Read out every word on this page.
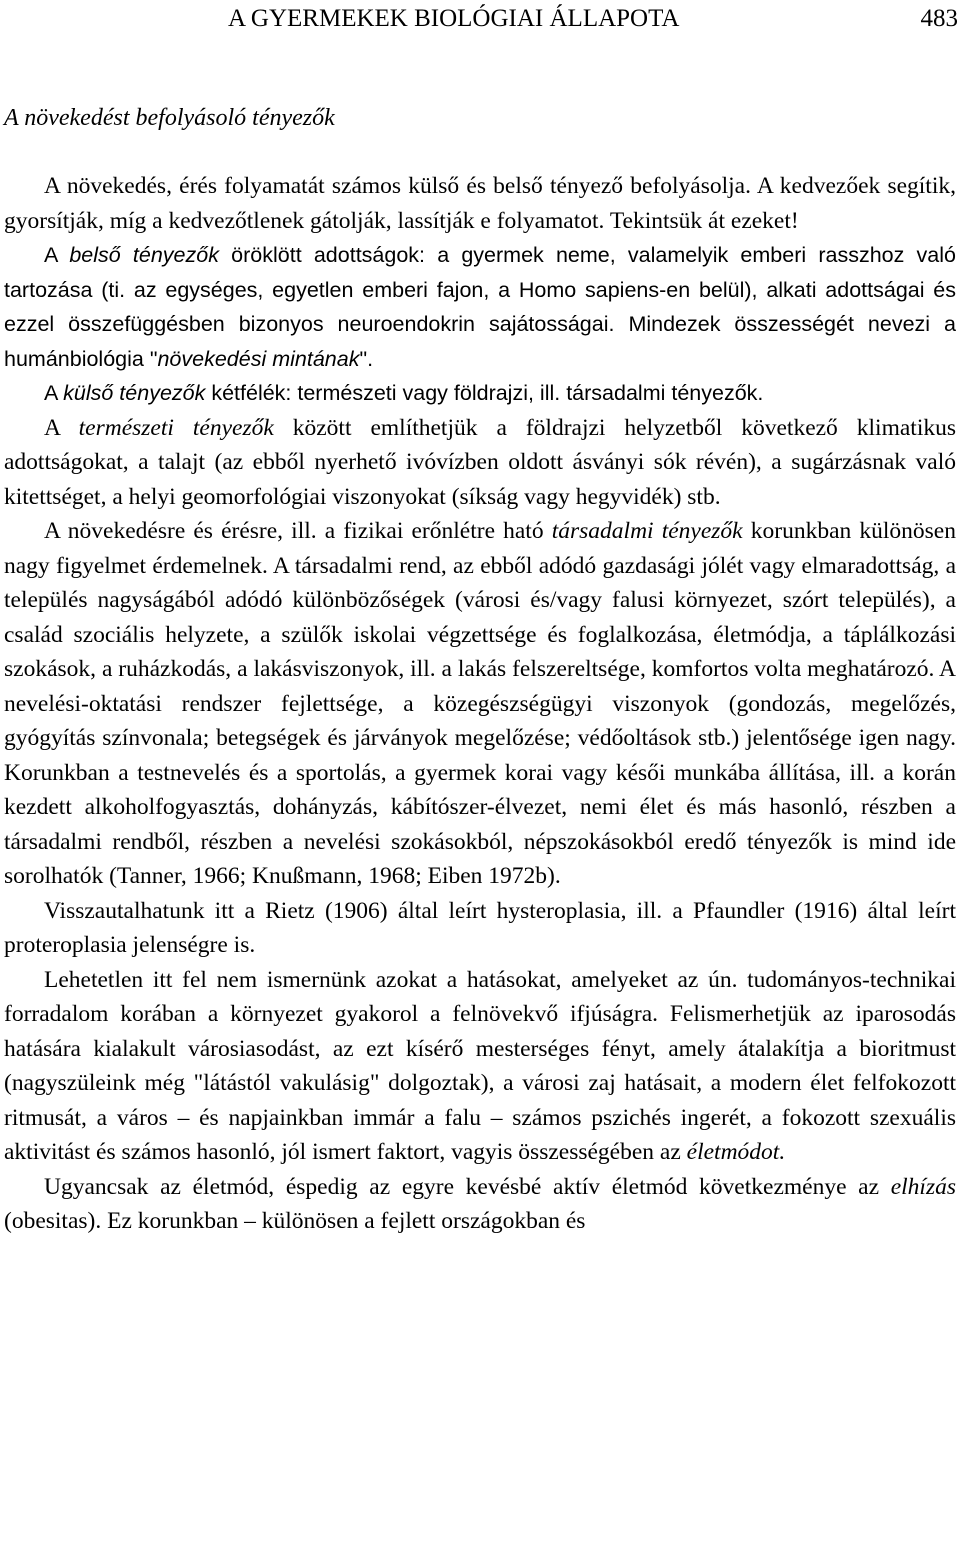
A GYERMEKEK BIOLÓGIAI ÁLLAPOTA	483
A növekedést befolyásoló tényezők

A növekedés, érés folyamatát számos külső és belső tényező befolyásolja. A kedvezőek segítik, gyorsítják, míg a kedvezőtlenek gátolják, lassítják e folyamatot. Tekintsük át ezeket!

A belső tényezők öröklött adottságok: a gyermek neme, valamelyik emberi rasszhoz való tartozása (ti. az egységes, egyetlen emberi fajon, a Homo sapiens-en belül), alkati adottságai és ezzel összefüggésben bizonyos neuroendokrin sajátosságai. Mindezek összességét nevezi a humánbiológia "növekedési mintának".

A külső tényezők kétfélék: természeti vagy földrajzi, ill. társadalmi tényezők.

A természeti tényezők között említhetjük a földrajzi helyzetből következő klimatikus adottságokat, a talajt (az ebből nyerhető ivóvízben oldott ásványi sók révén), a sugárzásnak való kitettséget, a helyi geomorfológiai viszonyokat (síkság vagy hegyvidék) stb.

A növekedésre és érésre, ill. a fizikai erőnlétre ható társadalmi tényezők korunkban különösen nagy figyelmet érdemelnek. A társadalmi rend, az ebből adódó gazdasági jólét vagy elmaradottság, a település nagyságából adódó különbözőségek (városi és/vagy falusi környezet, szórt település), a család szociális helyzete, a szülők iskolai végzettsége és foglalkozása, életmódja, a táplálkozási szokások, a ruházkodás, a lakásviszonyok, ill. a lakás felszereltsége, komfortos volta meghatározó. A nevelési-oktatási rendszer fejlettsége, a közegészségügyi viszonyok (gondozás, megelőzés, gyógyítás színvonala; betegségek és járványok megelőzése; védőoltások stb.) jelentősége igen nagy. Korunkban a testnevelés és a sportolás, a gyermek korai vagy késői munkába állítása, ill. a korán kezdett alkoholfogyasztás, dohányzás, kábítószer-élvezet, nemi élet és más hasonló, részben a társadalmi rendből, részben a nevelési szokásokból, népszokásokból eredő tényezők is mind ide sorolhatók (Tanner, 1966; Knußmann, 1968; Eiben 1972b).

Visszautalhatunk itt a Rietz (1906) által leírt hysteroplasia, ill. a Pfaundler (1916) által leírt proteroplasia jelenségre is.

Lehetetlen itt fel nem ismernünk azokat a hatásokat, amelyeket az ún. tudományos-technikai forradalom korában a környezet gyakorol a felnövekvő ifjúságra. Felismerhetjük az iparosodás hatására kialakult városiasodást, az ezt kísérő mesterséges fényt, amely átalakítja a bioritmust (nagyszüleink még "látástól vakulásig" dolgoztak), a városi zaj hatásait, a modern élet felfokozott ritmusát, a város – és napjainkban immár a falu – számos pszichés ingerét, a fokozott szexuális aktivitást és számos hasonló, jól ismert faktort, vagyis összességében az életmódot.

Ugyancsak az életmód, éspedig az egyre kevésbé aktív életmód következménye az elhízás (obesitas). Ez korunkban – különösen a fejlett országokban és
